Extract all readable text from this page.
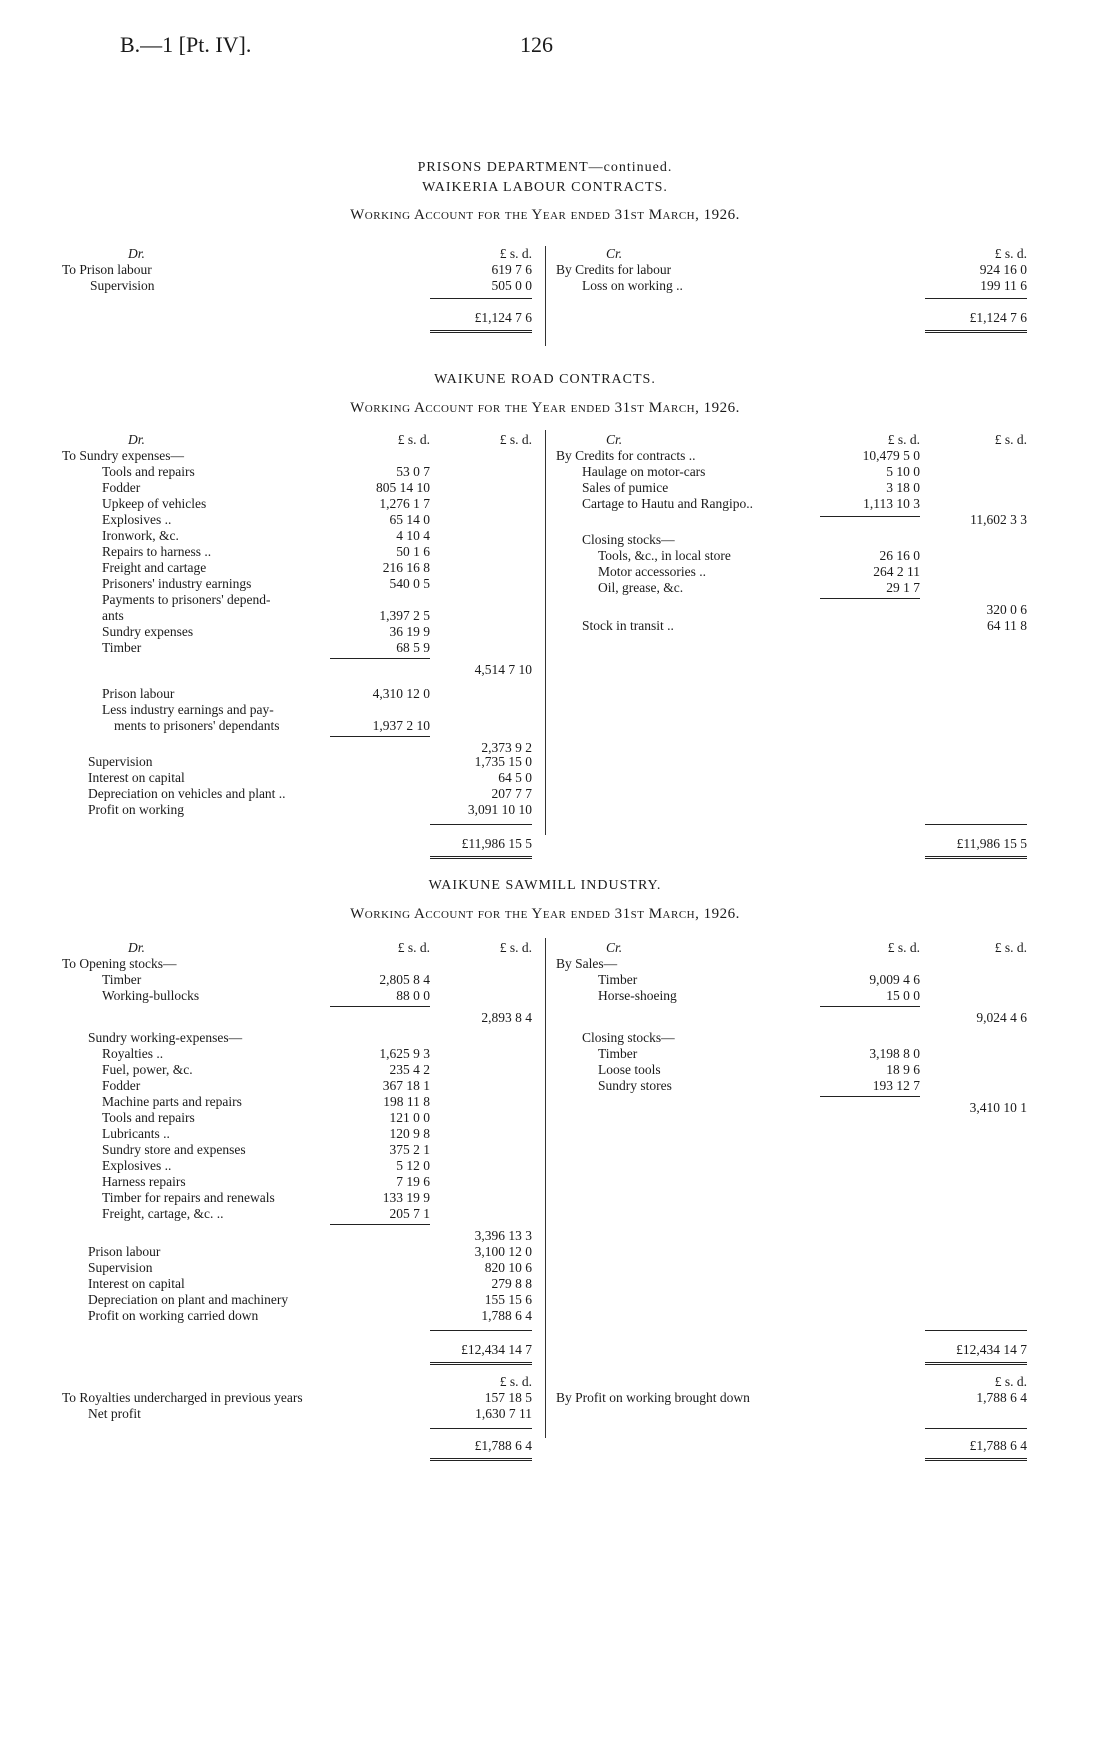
B.—1 [Pt. IV].	126
PRISONS DEPARTMENT—continued.
WAIKERIA LABOUR CONTRACTS.
Working Account for the Year ended 31st March, 1926.
Dr.	£ s. d.	Cr.	£ s. d.
To Prison labour	619 7 6
Supervision	505 0 0
£1,124 7 6
By Credits for labour	924 16 0
Loss on working ..	199 11 6
£1,124 7 6
WAIKUNE ROAD CONTRACTS.
Working Account for the Year ended 31st March, 1926.
Dr.	£ s. d.	£ s. d.	Cr.	£ s. d.	£ s. d.
To Sundry expenses—
Tools and repairs	53 0 7
Fodder	805 14 10
Upkeep of vehicles	1,276 1 7
Explosives ..	65 14 0
Ironwork, &c.	4 10 4
Repairs to harness ..	50 1 6
Freight and cartage	216 16 8
Prisoners' industry earnings	540 0 5
Payments to prisoners' depend-
ants	1,397 2 5
Sundry expenses	36 19 9
Timber	68 5 9
4,514 7 10
Prison labour	4,310 12 0
Less industry earnings and pay-
ments to prisoners' dependants	1,937 2 10
2,373 9 2
Supervision	1,735 15 0
Interest on capital	64 5 0
Depreciation on vehicles and plant ..	207 7 7
Profit on working	3,091 10 10
£11,986 15 5
By Credits for contracts ..	10,479 5 0
Haulage on motor-cars	5 10 0
Sales of pumice	3 18 0
Cartage to Hautu and Rangipo..	1,113 10 3
11,602 3 3
Closing stocks—
Tools, &c., in local store	26 16 0
Motor accessories ..	264 2 11
Oil, grease, &c.	29 1 7
320 0 6
Stock in transit ..	64 11 8
£11,986 15 5
WAIKUNE SAWMILL INDUSTRY.
Working Account for the Year ended 31st March, 1926.
Dr.	£ s. d.	£ s. d.	Cr.	£ s. d.	£ s. d.
To Opening stocks—
Timber	2,805 8 4
Working-bullocks	88 0 0
2,893 8 4
Sundry working-expenses—
Royalties ..	1,625 9 3
Fuel, power, &c.	235 4 2
Fodder	367 18 1
Machine parts and repairs	198 11 8
Tools and repairs	121 0 0
Lubricants ..	120 9 8
Sundry store and expenses	375 2 1
Explosives ..	5 12 0
Harness repairs	7 19 6
Timber for repairs and renewals	133 19 9
Freight, cartage, &c. ..	205 7 1
3,396 13 3
Prison labour	3,100 12 0
Supervision	820 10 6
Interest on capital	279 8 8
Depreciation on plant and machinery	155 15 6
Profit on working carried down	1,788 6 4
£12,434 14 7
By Sales—
Timber	9,009 4 6
Horse-shoeing	15 0 0
9,024 4 6
Closing stocks—
Timber	3,198 8 0
Loose tools	18 9 6
Sundry stores	193 12 7
3,410 10 1
£12,434 14 7
£ s. d.	£ s. d.
To Royalties undercharged in previous years	157 18 5
Net profit	1,630 7 11
By Profit on working brought down	1,788 6 4
£1,788 6 4	£1,788 6 4
